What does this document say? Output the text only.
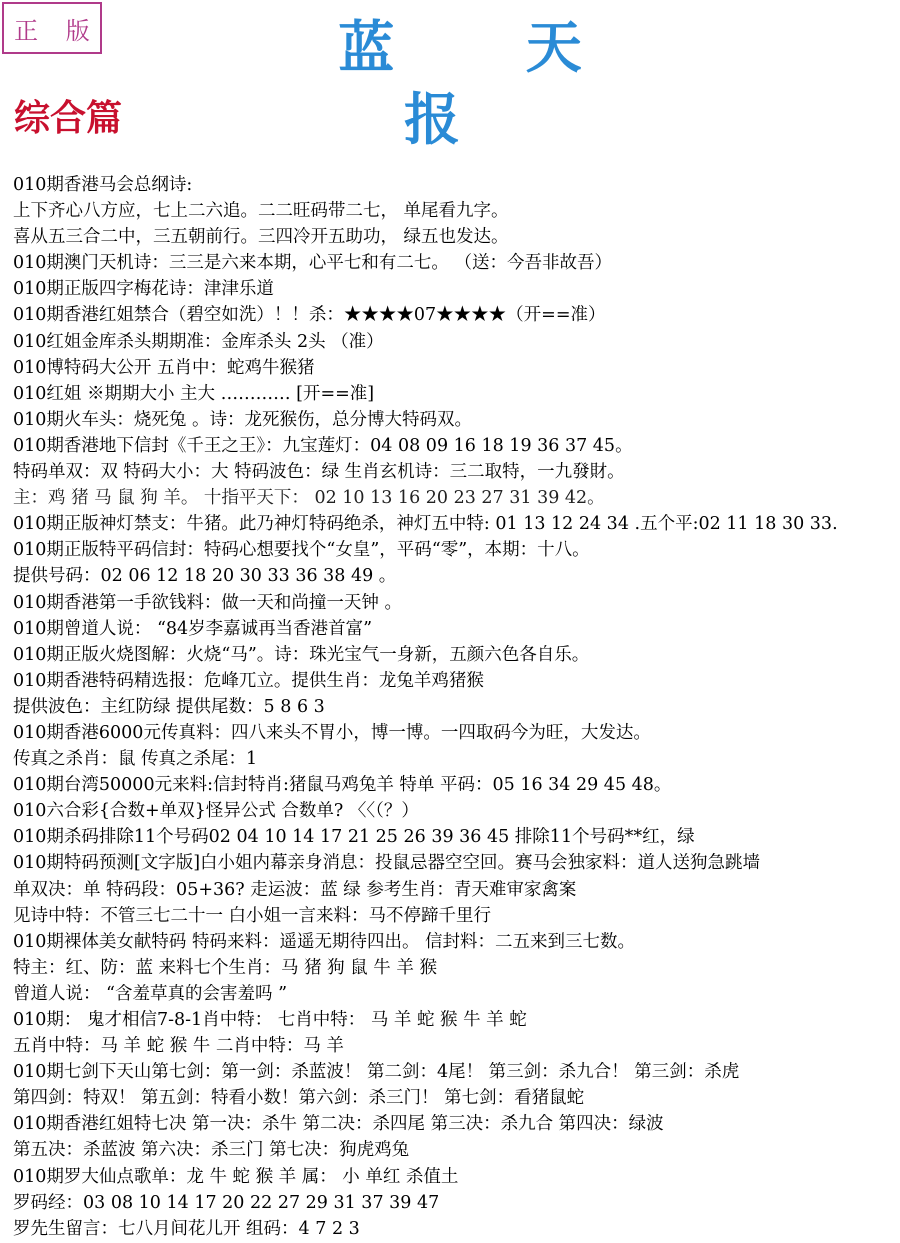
正 版	蓝 天 报
综合篇
010期香港马会总纲诗:
上下齐心八方应，七上二六追。二二旺码带二七， 单尾看九字。
喜从五三合二中，三五朝前行。三四冷开五助功， 绿五也发达。
010期澳门天机诗：三三是六来本期，心平七和有二七。 （送：今吾非故吾）
010期正版四字梅花诗：津津乐道
010期香港红姐禁合（碧空如洗）！！杀：★★★★07★★★★（开==准）
010红姐金库杀头期期准：金库杀头 2头 （准）
010博特码大公开 五肖中：蛇鸡牛猴猪
010红姐 ※期期大小 主大 ………… [开==准]
010期火车头：烧死兔 。诗：龙死猴伤，总分博大特码双。
010期香港地下信封《千王之王》：九宝莲灯：04 08 09 16 18 19 36 37 45。
特码单双：双 特码大小：大 特码波色：绿 生肖玄机诗：三二取特，一九發財。
主：鸡 猪 马 鼠 狗 羊。 十指平天下： 02 10 13 16 20 23 27 31 39 42。
010期正版神灯禁支：牛猪。此乃神灯特码绝杀，神灯五中特: 01 13 12 24 34 .五个平:02 11 18 30 33.
010期正版特平码信封：特码心想要找个“女皇”，平码“零”，本期：十八。
提供号码：02 06 12 18 20 30 33 36 38 49 。
010期香港第一手欲钱料：做一天和尚撞一天钟 。
010期曾道人说： “84岁李嘉诚再当香港首富”
010期正版火烧图解：火烧“马”。诗：珠光宝气一身新，五颜六色各自乐。
010期香港特码精选报：危峰兀立。提供生肖：龙兔羊鸡猪猴
提供波色：主红防绿 提供尾数：5 8 6 3
010期香港6000元传真料：四八来头不胃小，博一博。一四取码今为旺，大发达。
传真之杀肖：鼠 传真之杀尾：1
010期台湾50000元来料:信封特肖:猪鼠马鸡兔羊 特单 平码：05 16 34 29 45 48。
010六合彩{合数+单双}怪异公式 合数单? 〈〈（？）
010期杀码排除11个号码02 04 10 14 17 21 25 26 39 36 45 排除11个号码**红，绿
010期特码预测[文字版]白小姐内幕亲身消息：投鼠忌器空空回。赛马会独家料：道人送狗急跳墙
单双决：单 特码段：05+36? 走运波：蓝 绿 参考生肖：青天难审家禽案
见诗中特：不管三七二十一 白小姐一言来料：马不停蹄千里行
010期裸体美女献特码 特码来料：遥遥无期待四出。 信封料：二五来到三七数。
特主：红、防：蓝 来料七个生肖：马 猪 狗 鼠 牛 羊 猴
曾道人说： “含羞草真的会害羞吗 ”
010期： 鬼才相信7-8-1肖中特： 七肖中特： 马 羊 蛇 猴 牛 羊 蛇
五肖中特：马 羊 蛇 猴 牛 二肖中特：马 羊
010期七剑下天山第七剑：第一剑：杀蓝波！ 第二剑：4尾！ 第三剑：杀九合！ 第三剑：杀虎
第四剑：特双！ 第五剑：特看小数！第六剑：杀三门！ 第七剑：看猪鼠蛇
010期香港红姐特七决 第一决：杀牛 第二决：杀四尾 第三决：杀九合 第四决：绿波
第五决：杀蓝波 第六决：杀三门 第七决：狗虎鸡兔
010期罗大仙点歌单：龙 牛 蛇 猴 羊 属： 小 单红 杀值土
罗码经：03 08 10 14 17 20 22 27 29 31 37 39 47
罗先生留言：七八月间花儿开 组码：4 7 2 3
